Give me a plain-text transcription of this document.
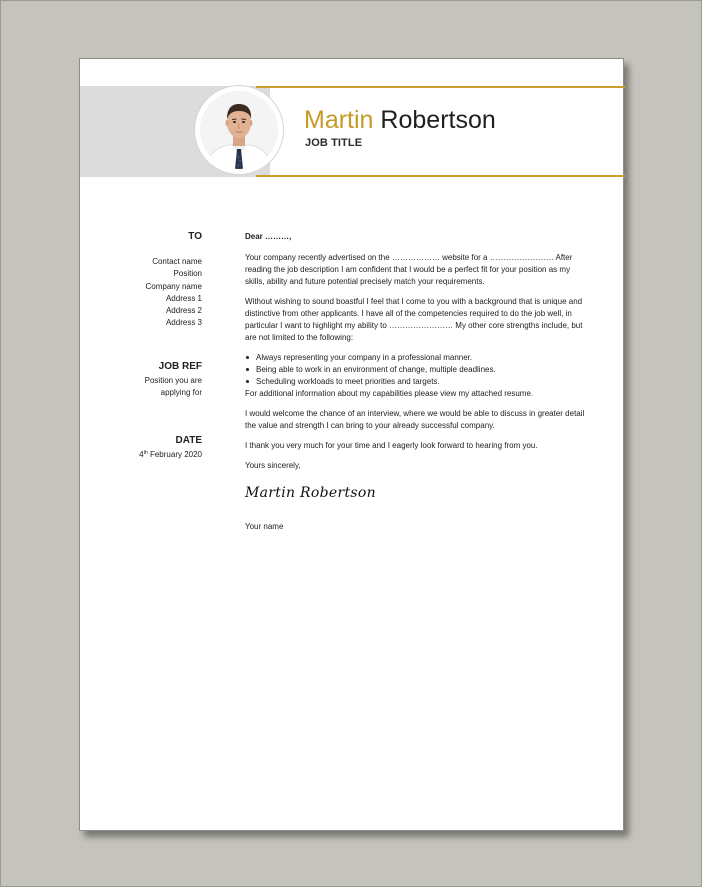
Martin Robertson
JOB TITLE
TO
Contact name
Position
Company name
Address 1
Address 2
Address 3
JOB REF
Position you are
applying for
DATE
4th February 2020

Dear ………,

Your company recently advertised on the ……………… website for a …………………… After reading the job description I am confident that I would be a perfect fit for your position as my skills, ability and future potential precisely match your requirements.

Without wishing to sound boastful I feel that I come to you with a background that is unique and distinctive from other applicants. I have all of the competencies required to do the job well, in particular I want to highlight my ability to …………………… My other core strengths include, but are not limited to the following:

Always representing your company in a professional manner.
Being able to work in an environment of change, multiple deadlines.
Scheduling workloads to meet priorities and targets.
For additional information about my capabilities please view my attached resume.

I would welcome the chance of an interview, where we would be able to discuss in greater detail the value and strength I can bring to your already successful company.

I thank you very much for your time and I eagerly look forward to hearing from you.

Yours sincerely,

Martin Robertson

Your name
